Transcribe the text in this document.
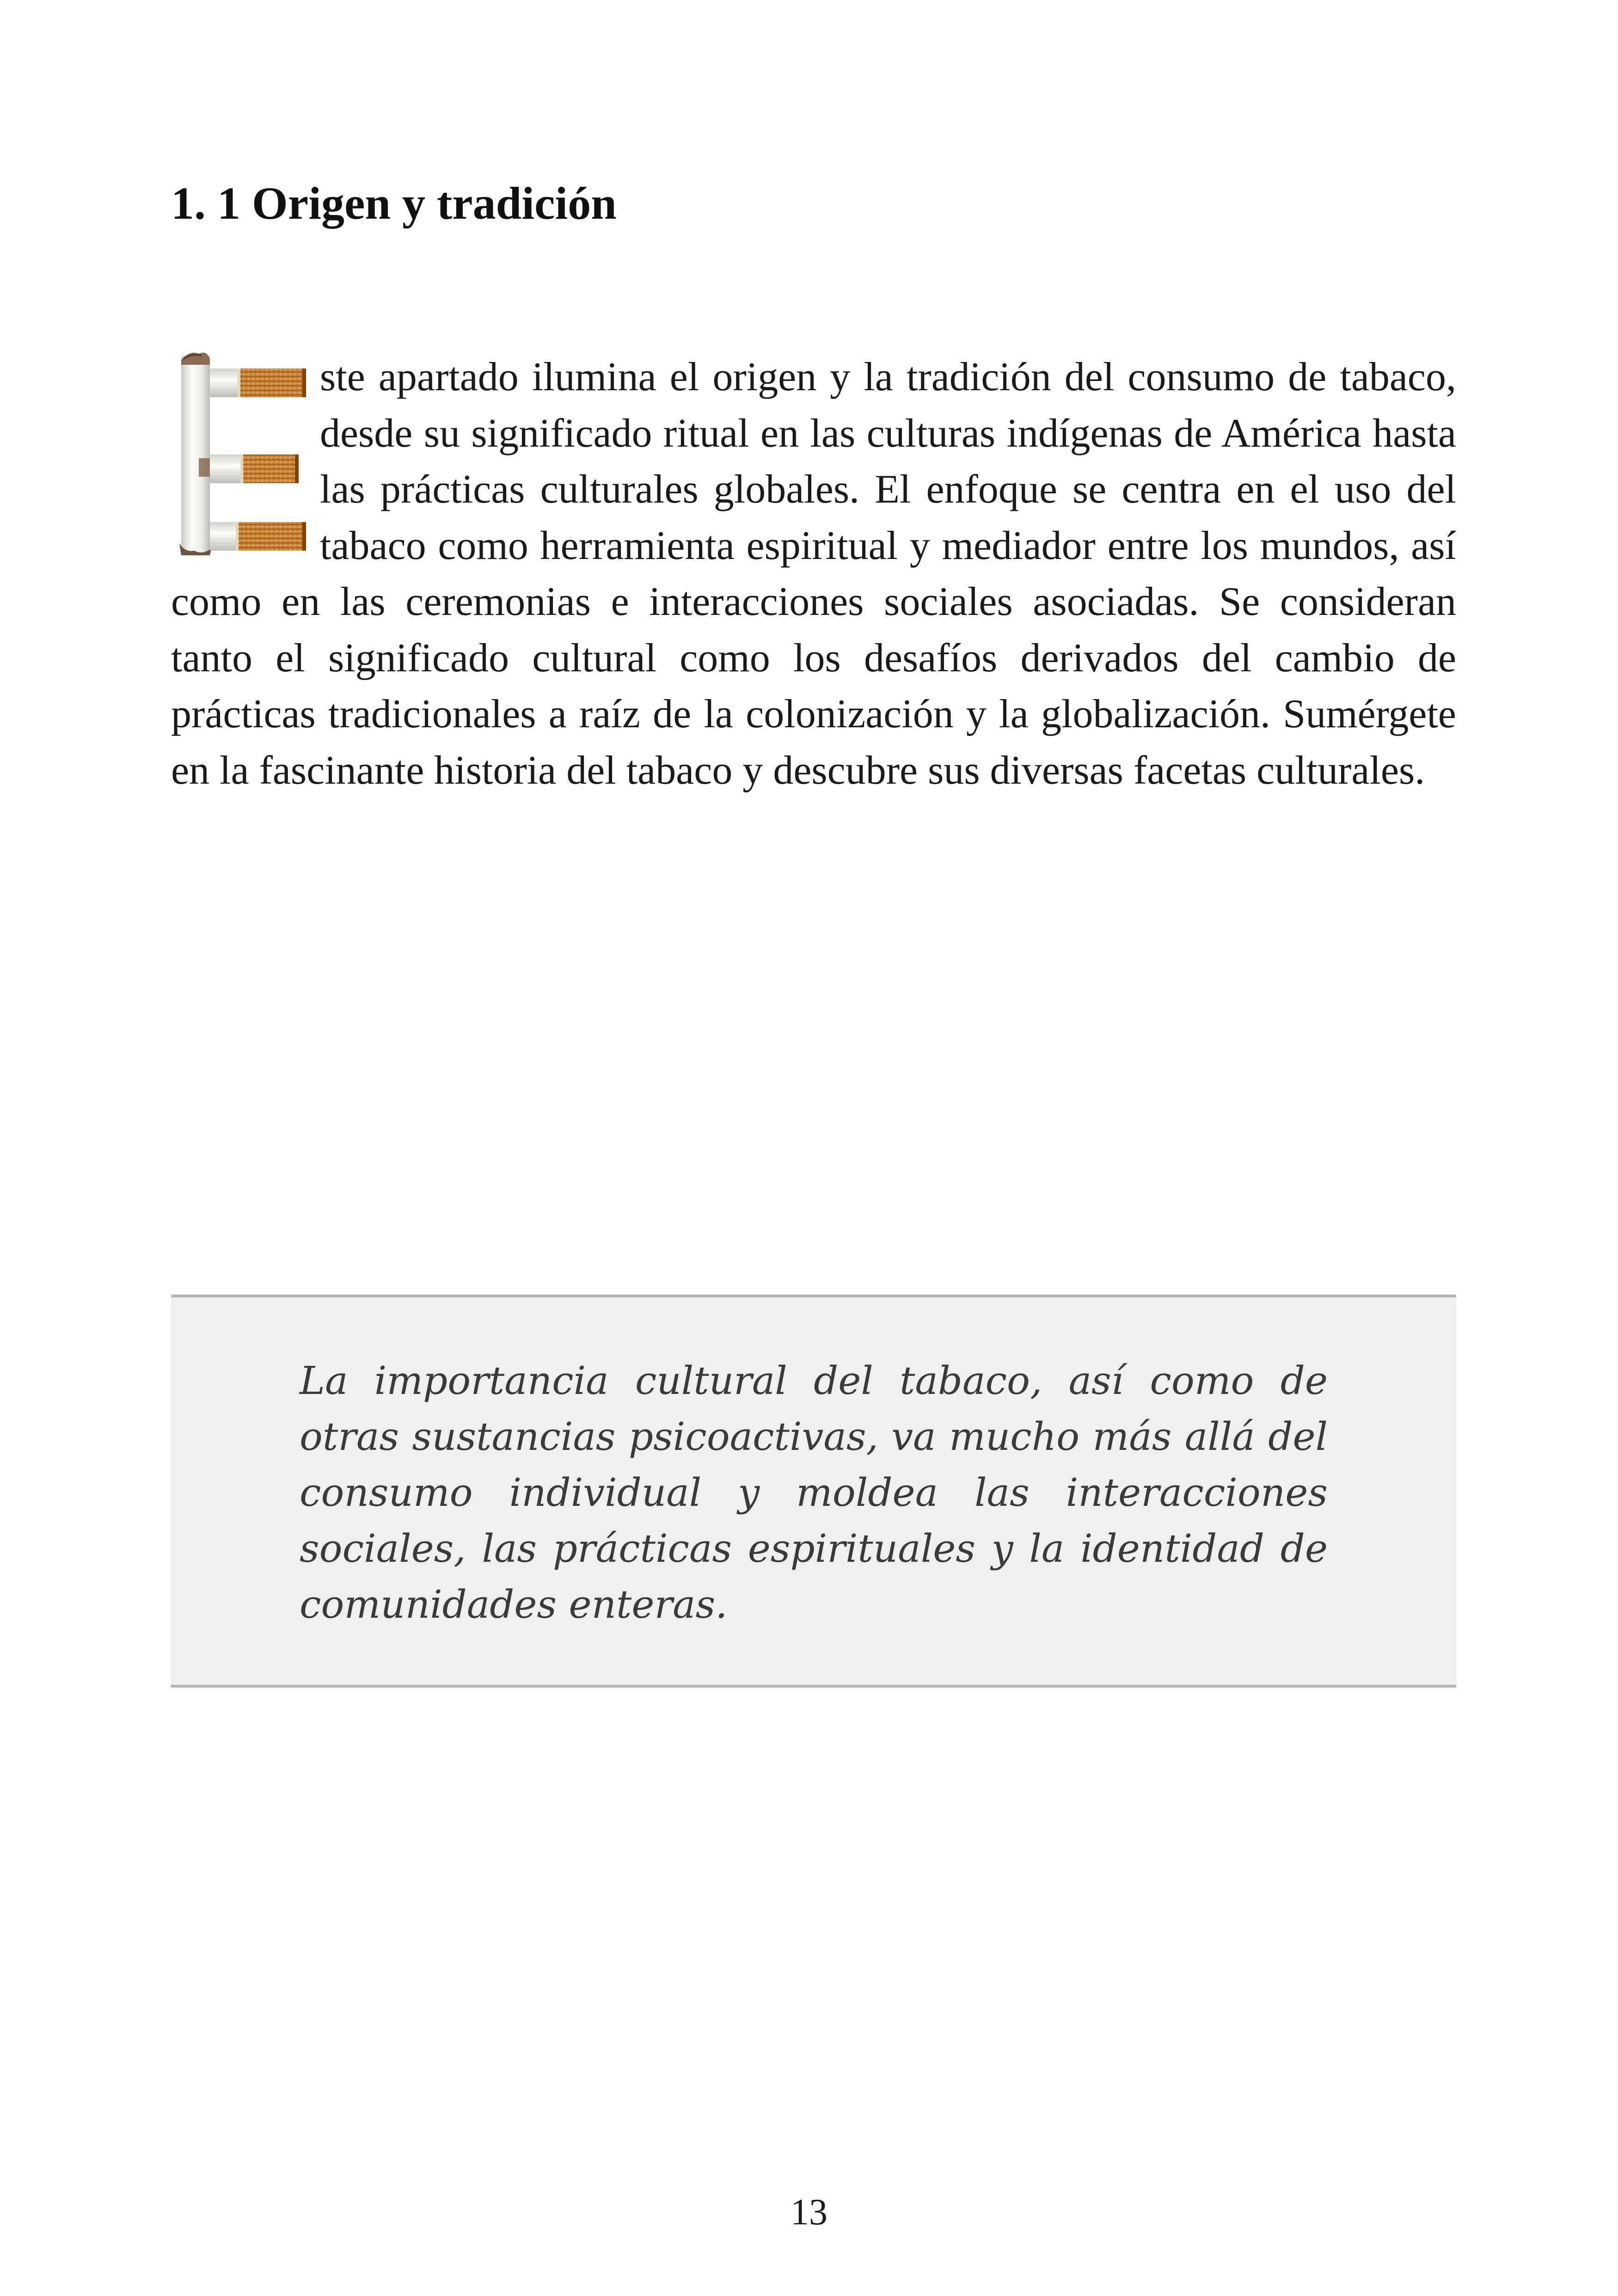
1. 1 Origen y tradición
ste apartado ilumina el origen y la tradición del consumo de tabaco, desde su significado ritual en las culturas indígenas de América hasta las prácticas culturales globales. El enfoque se centra en el uso del tabaco como herramienta espiritual y mediador entre los mundos, así como en las ceremonias e interacciones sociales asociadas. Se consideran tanto el significado cultural como los desafíos derivados del cambio de prácticas tradicionales a raíz de la colonización y la globalización. Sumérgete en la fascinante historia del tabaco y descubre sus diversas facetas culturales.

La importancia cultural del tabaco, así como de otras sustancias psicoactivas, va mucho más allá del consumo individual y moldea las interacciones sociales, las prácticas espirituales y la identidad de comunidades enteras.

13
